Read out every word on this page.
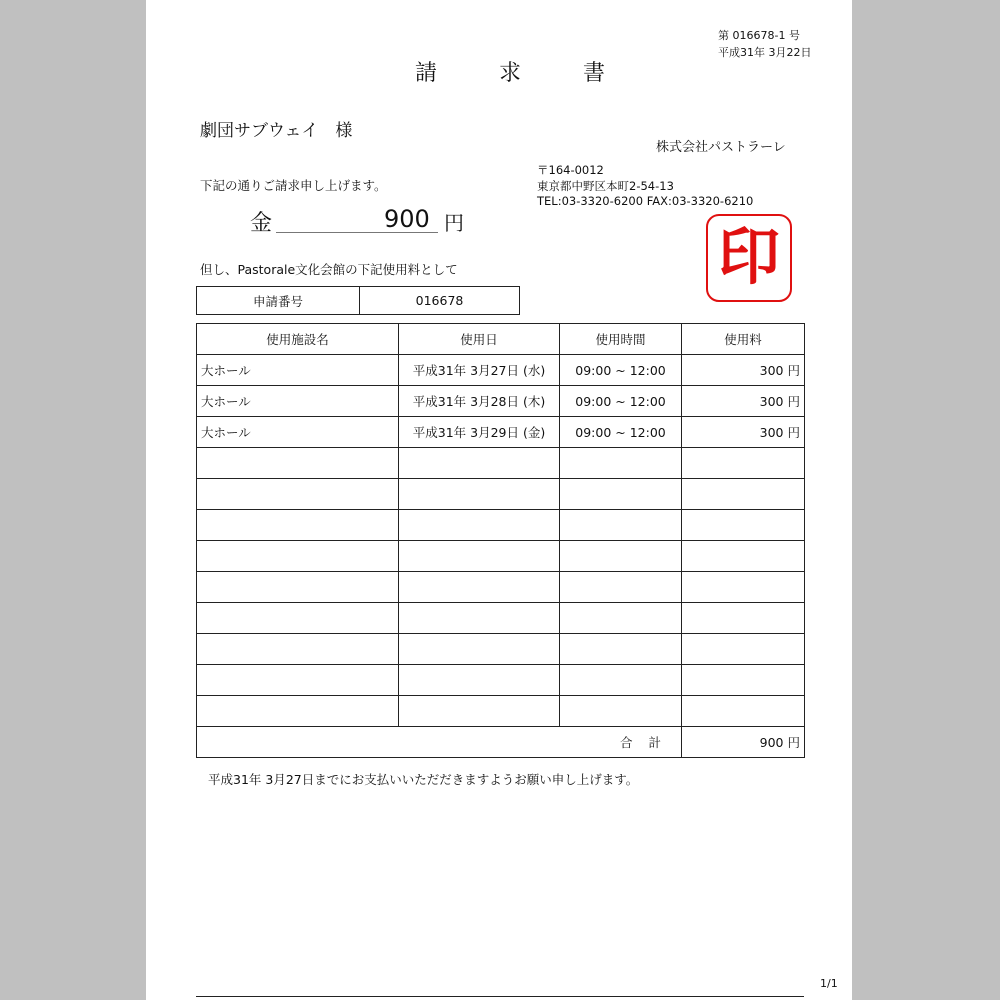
第 016678-1 号
平成31年 3月22日
請求書
劇団サブウェイ　様
株式会社パストラーレ
〒164-0012
東京都中野区本町2-54-13
TEL:03-3320-6200 FAX:03-3320-6210
下記の通りご請求申し上げます。
金	900 円	印
但し、Pastorale文化会館の下記使用料として
申請番号	016678
使用施設名	使用日	使用時間	使用料
大ホール	平成31年 3月27日 (水)	09:00 ~ 12:00	300 円
大ホール	平成31年 3月28日 (木)	09:00 ~ 12:00	300 円
大ホール	平成31年 3月29日 (金)	09:00 ~ 12:00	300 円

合計			900 円
平成31年 3月27日までにお支払いいただだきますようお願い申し上げます。
1/1
